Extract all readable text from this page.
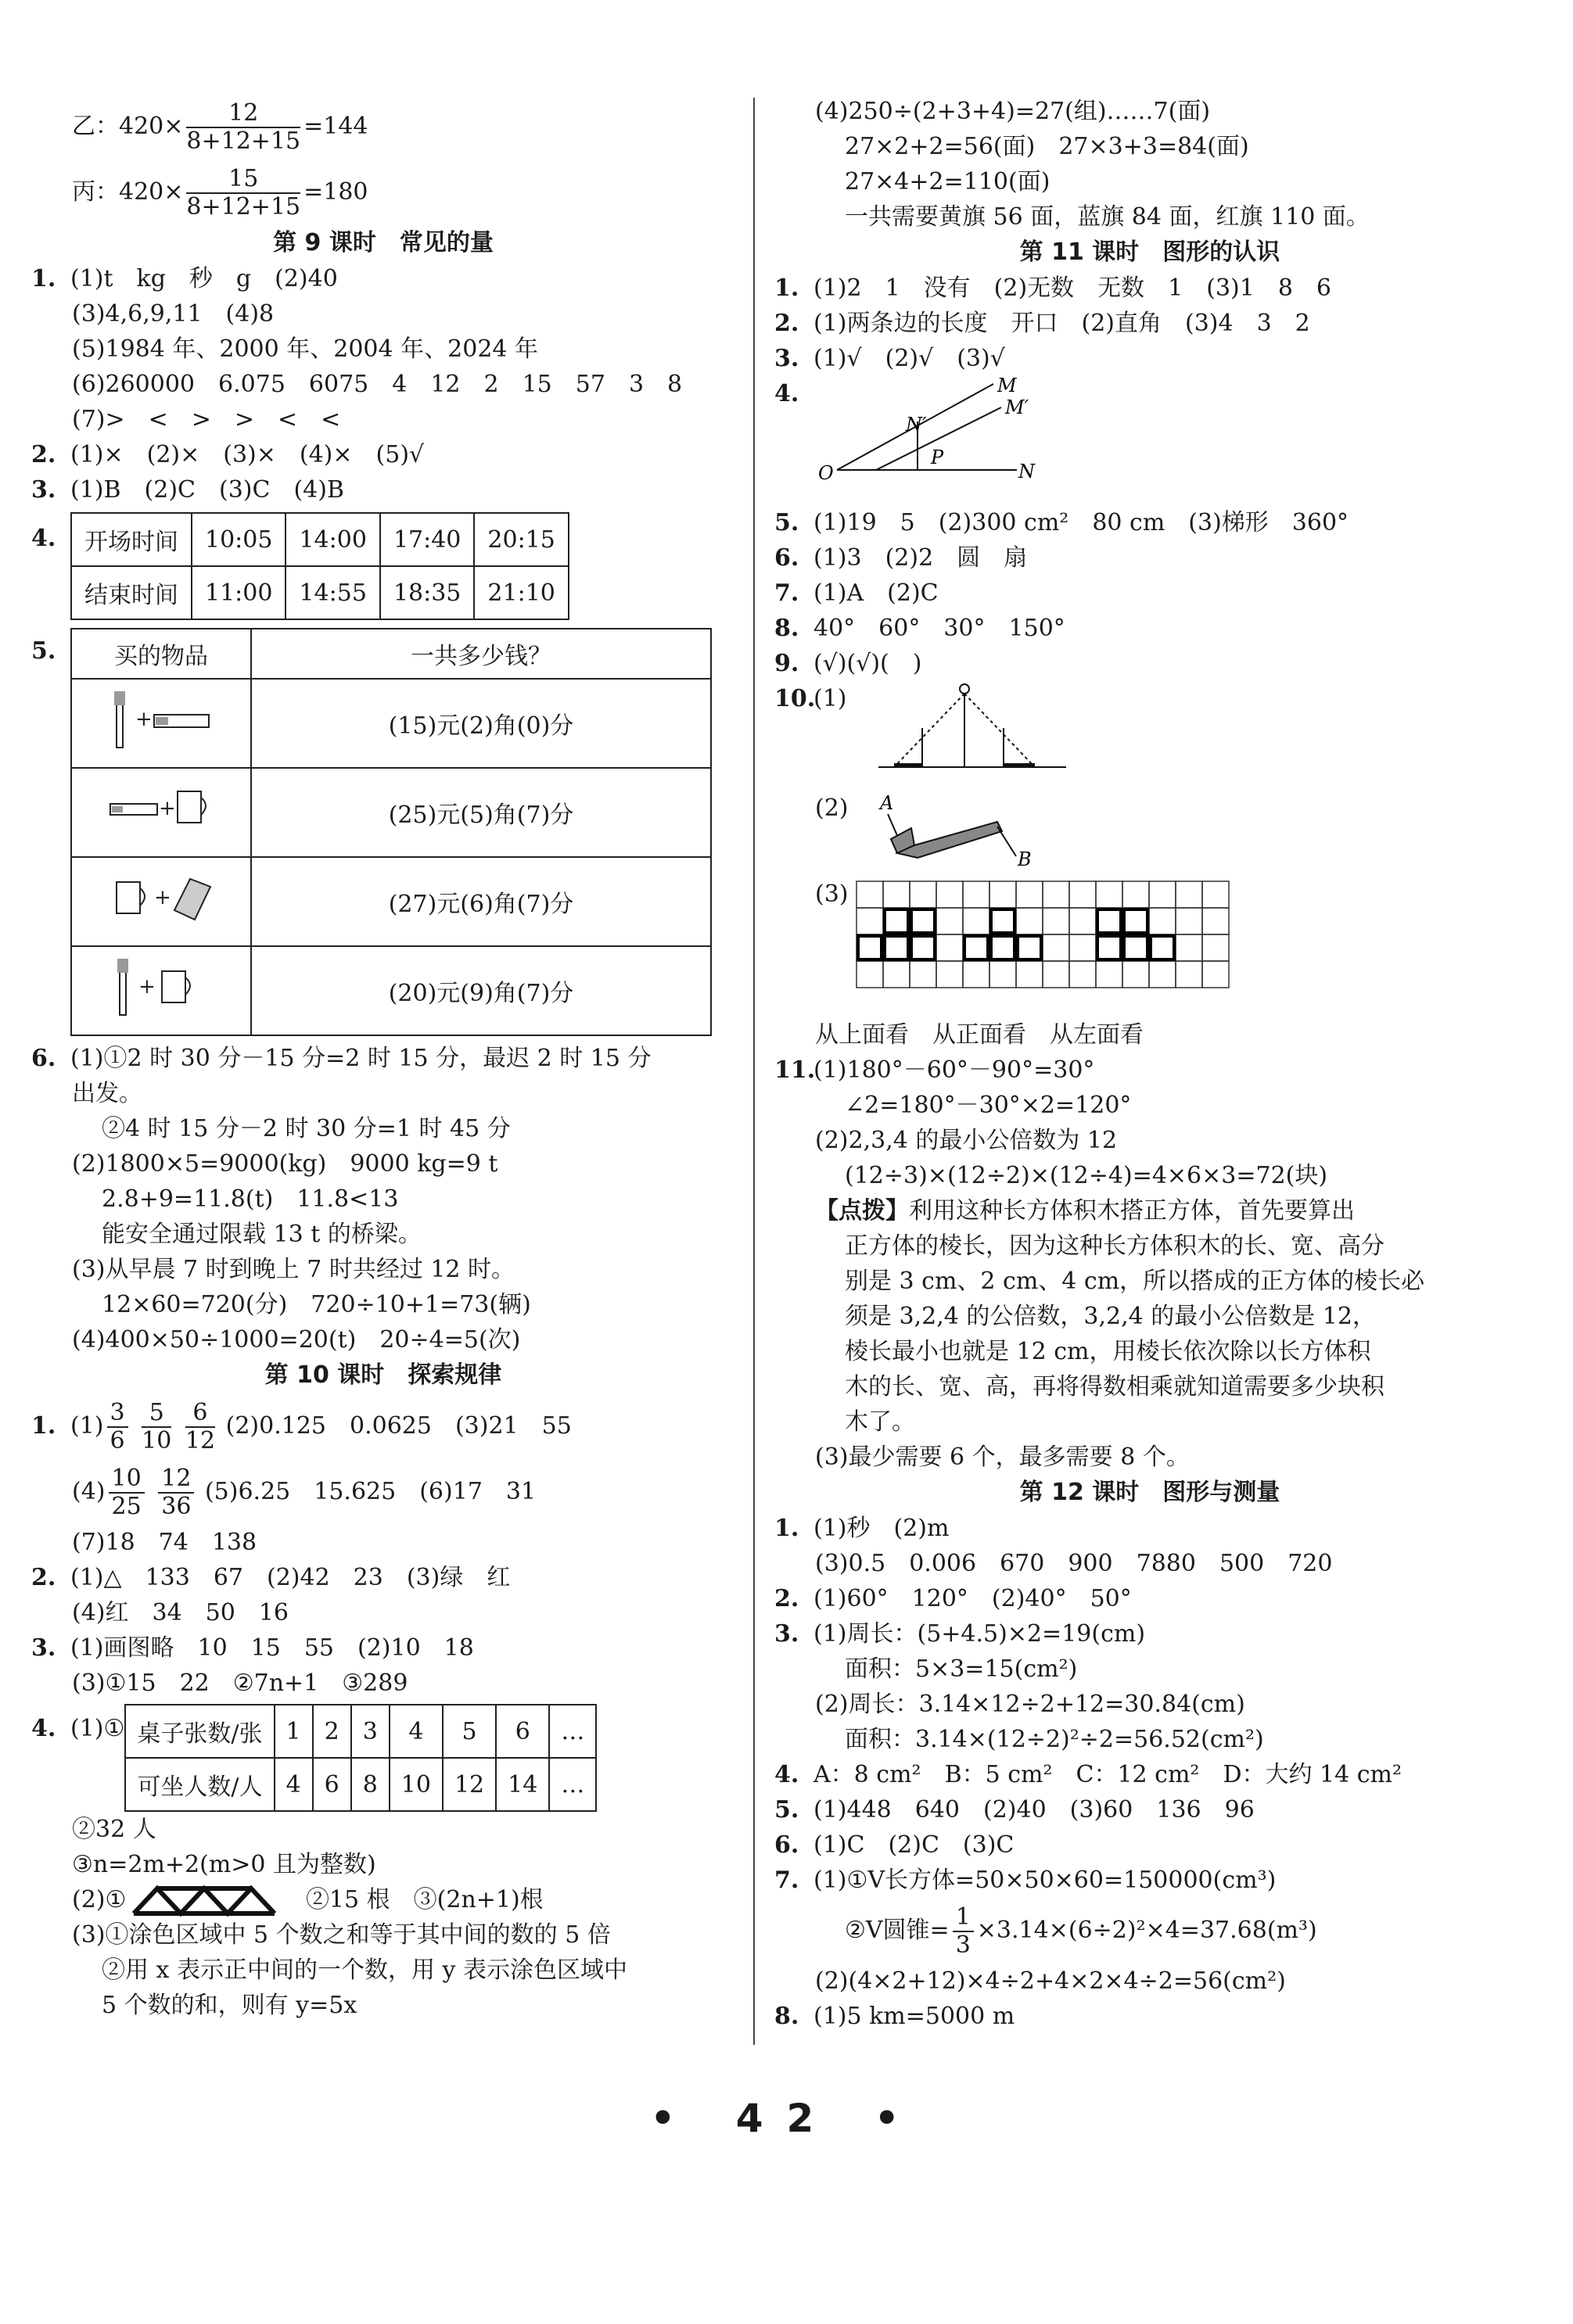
乙：$420\times \frac{12}{8+12+15} =144$
丙：$420\times \frac{15}{8+12+15} =180$
第 9 课时　常见的量
1. (1)t　kg　秒　g　(2)40
(3)4,6,9,11　(4)8
(5)1984 年、2000 年、2004 年、2024 年
(6)260000　6.075　6075　4　12　2　15　57　3　8
(7)>　<　>　>　<　<
2. (1)×　(2)×　(3)×　(4)×　(5)√
3. (1)B　(2)C　(3)C　(4)B
4.	开场时间	10:05	14:00	17:40	20:15
结束时间	11:00	14:55	18:35	21:10
5.	买的物品	一共多少钱？

+	(15)元(2)角(0)分

+	(25)元(5)角(7)分

+	(27)元(6)角(7)分

+	(20)元(9)角(7)分
6. (1)①2 时 30 分－15 分=2 时 15 分，最迟 2 时 15 分
出发。
②4 时 15 分－2 时 30 分=1 时 45 分
(2)1800×5=9000(kg)　9000 kg=9 t
2.8+9=11.8(t)　11.8<13
能安全通过限载 13 t 的桥梁。
(3)从早晨 7 时到晚上 7 时共经过 12 时。
12×60=720(分)　720÷10+1=73(辆)
(4)400×50÷1000=20(t)　20÷4=5(次)
第 10 课时　探索规律
1. $(1) \frac{3}{6}$
$\frac{5}{10}$
$\frac{6}{12} (2)0.125$　0.0625　(3)21　55
$(4) \frac{10}{25}$
$\frac{12}{36} (5)6.25$　15.625　(6)17　31
(7)18　74　138
2. (1)△　133　67　(2)42　23　(3)绿　红
(4)红　34　50　16
3. (1)画图略　10　15　55　(2)10　18
(3)①15　22　②7n+1　③289
4. (1)① 桌子张数/张	1	2	3	4	5	6	…
可坐人数/人	4	6	8	10	12	14	…
②32 人
③n=2m+2(m>0 且为整数)
(2)①	②15 根　③(2n+1)根
(3)①涂色区域中 5 个数之和等于其中间的数的 5 倍
②用 x 表示正中间的一个数，用 y 表示涂色区域中
5 个数的和，则有 y=5x
(4)250÷(2+3+4)=27(组)……7(面)
27×2+2=56(面)　27×3+3=84(面)
27×4+2=110(面)
一共需要黄旗 56 面，蓝旗 84 面，红旗 110 面。
第 11 课时　图形的认识
1. (1)2　1　没有　(2)无数　无数　1　(3)1　8　6
2. (1)两条边的长度　开口　(2)直角　(3)4　3　2
3. (1)√　(2)√　(3)√
4.	M
M′
N′
P
O	N
5. (1)19　5　(2)300 cm²　80 cm　(3)梯形　360°
6. (1)3　(2)2　圆　扇
7. (1)A　(2)C
8. 40°　60°　30°　150°
9. (√)(√)(　)
10.
(1)
(2) A
B
(3)
从上面看　从正面看　从左面看
11.(1)180°－60°－90°=30°
∠2=180°－30°×2=120°
(2)2,3,4 的最小公倍数为 12
(12÷3)×(12÷2)×(12÷4)=4×6×3=72(块)
【点拨】利用这种长方体积木搭正方体，首先要算出
正方体的棱长，因为这种长方体积木的长、宽、高分
别是 3 cm、2 cm、4 cm，所以搭成的正方体的棱长必
须是 3,2,4 的公倍数，3,2,4 的最小公倍数是 12，
棱长最小也就是 12 cm，用棱长依次除以长方体积
木的长、宽、高，再将得数相乘就知道需要多少块积
木了。
(3)最少需要 6 个，最多需要 8 个。
第 12 课时　图形与测量
1. (1)秒　(2)m
(3)0.5　0.006　670　900　7880　500　720
2. (1)60°　120°　(2)40°　50°
3. (1)周长：(5+4.5)×2=19(cm)
面积：5×3=15(cm²)
(2)周长：3.14×12÷2+12=30.84(cm)
面积：3.14×(12÷2)²÷2=56.52(cm²)
4. A：8 cm²　B：5 cm²　C：12 cm²　D：大约 14 cm²
5. (1)448　640　(2)40　(3)60　136　96
6. (1)C　(2)C　(3)C
7. (1)①V长方体=50×50×60=150000(cm³)
②V圆锥= $\frac{1}{3} \times 3.14\times(6\div 2)^2\times 4=37.68(m^3)$
(2)(4×2+12)×4÷2+4×2×4÷2=56(cm²)
8. (1)5 km=5000 m
• 42 •
